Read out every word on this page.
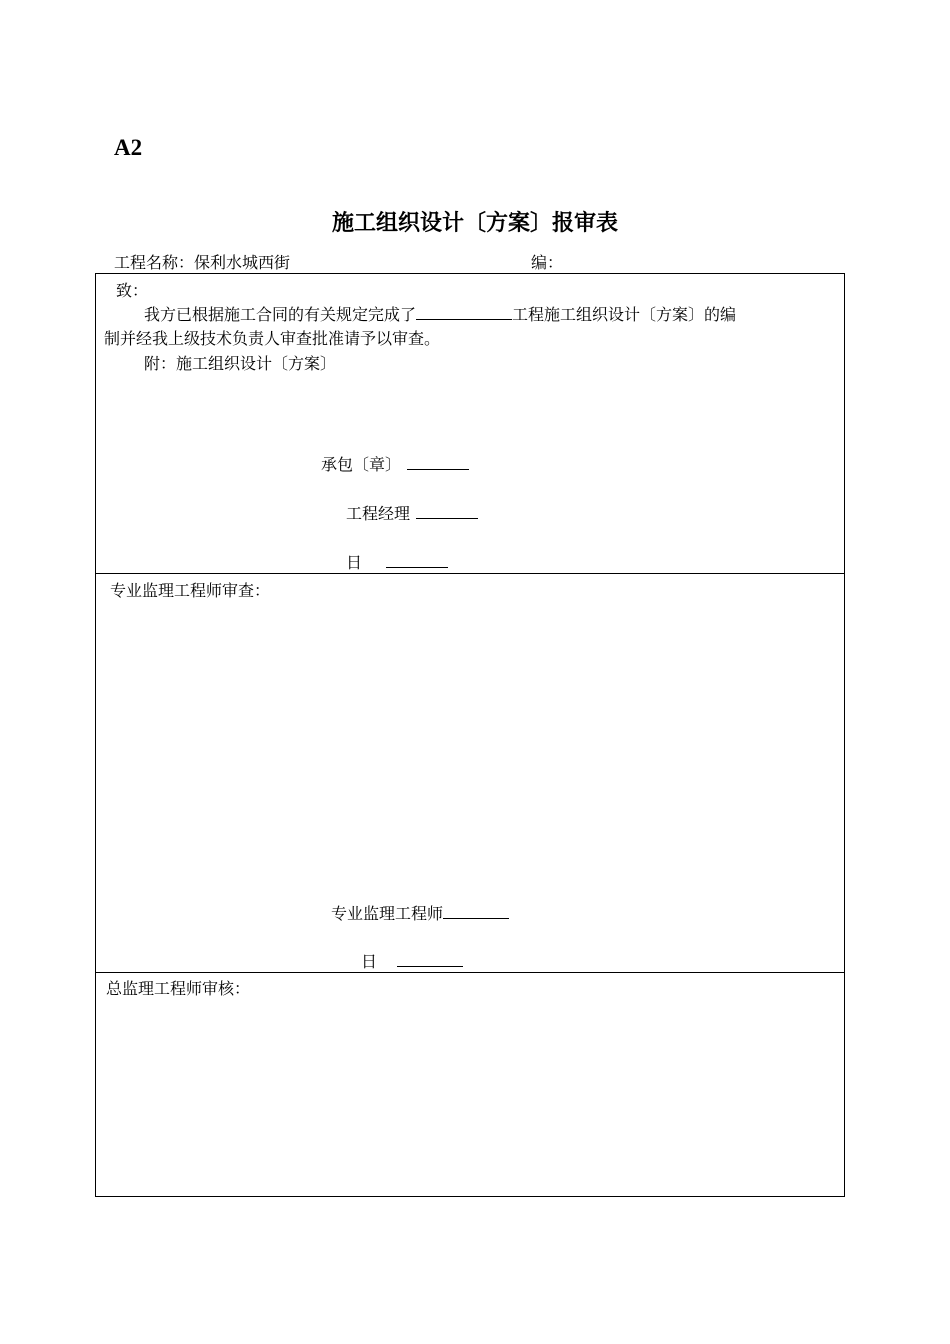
A2
施工组织设计〔方案〕报审表
工程名称：保利水城西街	编：
致：
我方已根据施工合同的有关规定完成了	工程施工组织设计〔方案〕的编
制并经我上级技术负责人审查批准请予以审查。
附：施工组织设计〔方案〕
承包〔章〕
工程经理
日
专业监理工程师审查：
专业监理工程师
日
总监理工程师审核：
